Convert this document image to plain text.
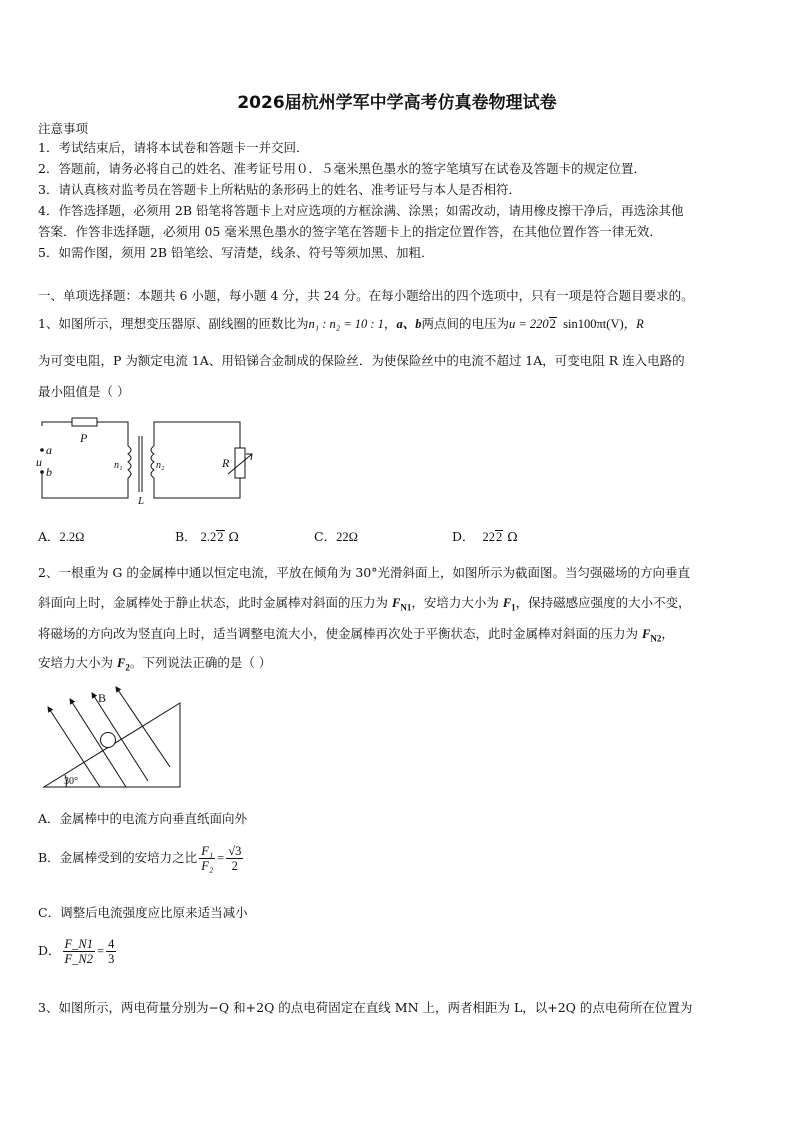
2026届杭州学军中学高考仿真卷物理试卷
注意事项
1．考试结束后，请将本试卷和答题卡一并交回．
2．答题前，请务必将自己的姓名、准考证号用０．５毫米黑色墨水的签字笔填写在试卷及答题卡的规定位置．
3．请认真核对监考员在答题卡上所粘贴的条形码上的姓名、准考证号与本人是否相符．
4．作答选择题，必须用 2B 铅笔将答题卡上对应选项的方框涂满、涂黑；如需改动，请用橡皮擦干净后，再选涂其他
答案．作答非选择题，必须用 05 毫米黑色墨水的签字笔在答题卡上的指定位置作答，在其他位置作答一律无效．
5．如需作图，须用 2B 铅笔绘、写清楚，线条、符号等须加黑、加粗．
一、单项选择题：本题共 6 小题，每小题 4 分，共 24 分。在每小题给出的四个选项中，只有一项是符合题目要求的。
1、如图所示，理想变压器原、副线圈的匝数比为n₁ : n₂ = 10 : 1，a、b两点间的电压为u = 2202 sin100πt(V)，R
为可变电阻，P 为额定电流 1A、用铅锑合金制成的保险丝．为使保险丝中的电流不超过 1A，可变电阻 R 连入电路的
最小阻值是（ ）
P
a
u
b	n₁	n₂
L
R
A．2.2Ω	B． 2.22 Ω	C．22Ω	D． 222 Ω
2、一根重为 G 的金属棒中通以恒定电流，平放在倾角为 30°光滑斜面上，如图所示为截面图。当匀强磁场的方向垂直
斜面向上时，金属棒处于静止状态，此时金属棒对斜面的压力为 $F_{N1}$，安培力大小为 $F_1$，保持磁感应强度的大小不变，
将磁场的方向改为竖直向上时，适当调整电流大小，使金属棒再次处于平衡状态，此时金属棒对斜面的压力为 $F_{N2}$，
安培力大小为 $F_2$。下列说法正确的是（ ）
B
30°
A．金属棒中的电流方向垂直纸面向外
B．金属棒受到的安培力之比 $\frac{\text{F₁}}{\text{F₂}} = \frac{√3}{2}$
C．调整后电流强度应比原来适当减小
D． $\frac{F\_N1}{F\_N2} = \frac{4}{3}$
3、如图所示，两电荷量分别为−Q 和+2Q 的点电荷固定在直线 MN 上，两者相距为 L，以+2Q 的点电荷所在位置为
